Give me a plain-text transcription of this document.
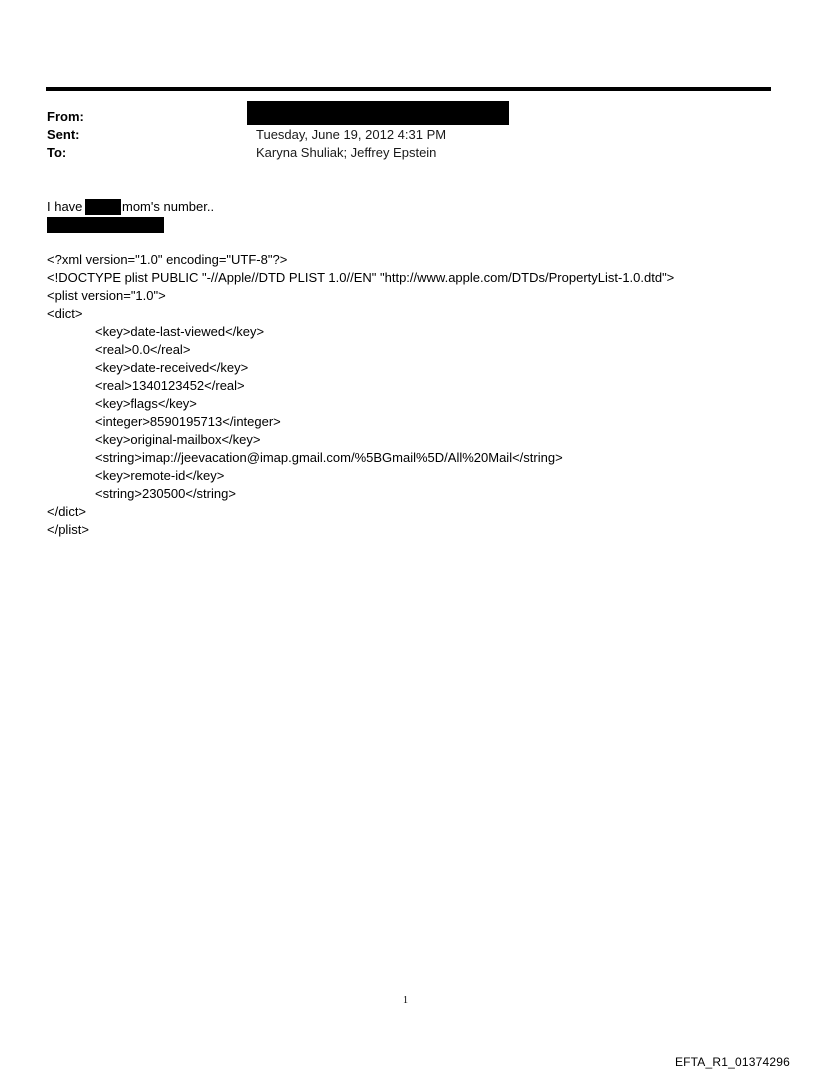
From:
Sent:	Tuesday, June 19, 2012 4:31 PM
To:	Karyna Shuliak; Jeffrey Epstein
I have	mom's number..
<?xml version="1.0" encoding="UTF-8"?>
<!DOCTYPE plist PUBLIC "-//Apple//DTD PLIST 1.0//EN" "http://www.apple.com/DTDs/PropertyList-1.0.dtd">
<plist version="1.0">
<dict>
<key>date-last-viewed</key>
<real>0.0</real>
<key>date-received</key>
<real>1340123452</real>
<key>flags</key>
<integer>8590195713</integer>
<key>original-mailbox</key>
<string>imap://jeevacation@imap.gmail.com/%5BGmail%5D/All%20Mail</string>
<key>remote-id</key>
<string>230500</string>
</dict>
</plist>
1
EFTA_R1_01374296
